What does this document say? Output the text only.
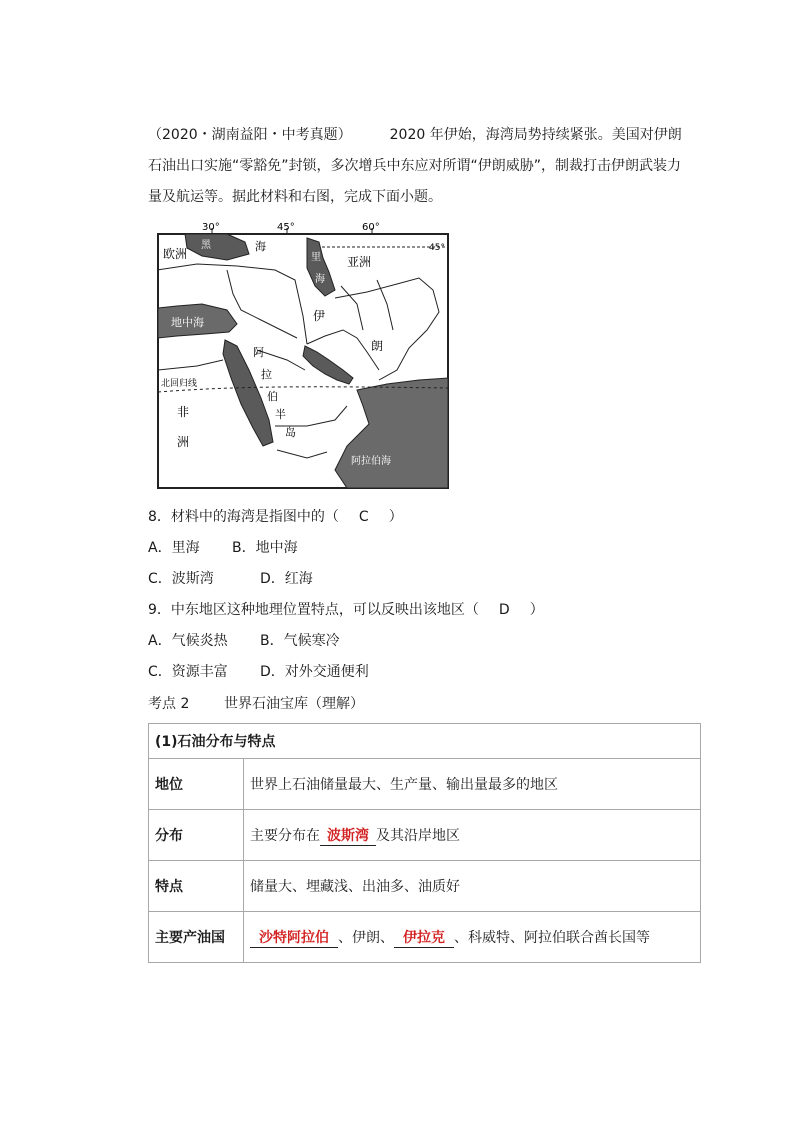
（2020・湖南益阳・中考真题）	2020 年伊始，海湾局势持续紧张。美国对伊朗石油出口实施“零豁免”封锁，多次增兵中东应对所谓“伊朗威胁”，制裁打击伊朗武装力量及航运等。据此材料和右图，完成下面小题。
30°	45°	60°
45°
欧洲
黑	海
里
海
亚洲
地中海	伊
朗
阿
拉
伯
半
岛
北回归线
非
洲
阿拉伯海
8．材料中的海湾是指图中的（ C ）
A．里海 B．地中海
C．波斯湾	D．红海
9．中东地区这种地理位置特点，可以反映出该地区（ D ）
A．气候炎热 B．气候寒冷
C．资源丰富 D．对外交通便利
考点 2 世界石油宝库（理解）
(1)石油分布与特点	
地位	世界上石油储量最大、生产量、输出量最多的地区
分布	主要分布在 波斯湾 及其沿岸地区
特点	储量大、埋藏浅、出油多、油质好
主要产油国	沙特阿拉伯 、伊朗、 伊拉克 、科威特、阿拉伯联合酋长国等
